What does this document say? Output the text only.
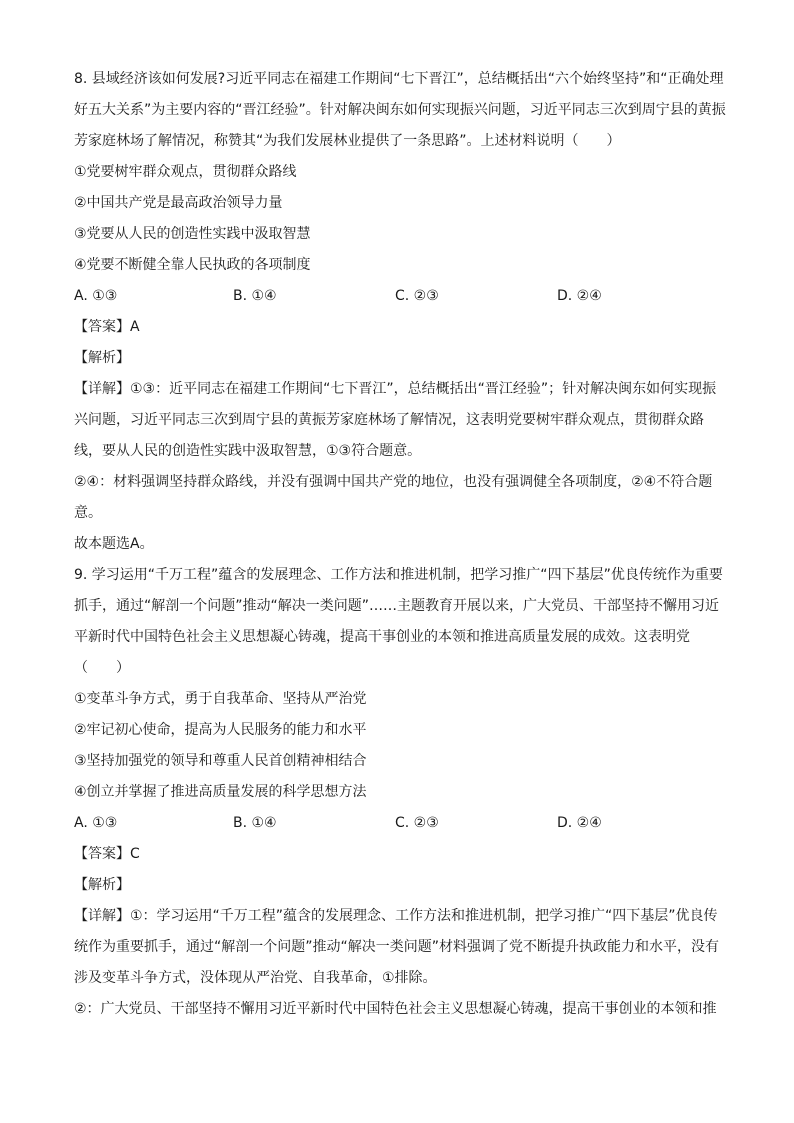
8. 县域经济该如何发展?习近平同志在福建工作期间“七下晋江”，总结概括出“六个始终坚持”和“正确处理好五大关系”为主要内容的“晋江经验”。针对解决闽东如何实现振兴问题，习近平同志三次到周宁县的黄振芳家庭林场了解情况，称赞其“为我们发展林业提供了一条思路”。上述材料说明（　　）

①党要树牢群众观点，贯彻群众路线

②中国共产党是最高政治领导力量

③党要从人民的创造性实践中汲取智慧

④党要不断健全靠人民执政的各项制度

A. ①③	B. ①④	C. ②③	D. ②④

【答案】A

【解析】

【详解】①③：近平同志在福建工作期间“七下晋江”，总结概括出“晋江经验”；针对解决闽东如何实现振兴问题，习近平同志三次到周宁县的黄振芳家庭林场了解情况，这表明党要树牢群众观点，贯彻群众路线，要从人民的创造性实践中汲取智慧，①③符合题意。

②④：材料强调坚持群众路线，并没有强调中国共产党的地位，也没有强调健全各项制度，②④不符合题意。

故本题选A。

9. 学习运用“千万工程”蕴含的发展理念、工作方法和推进机制，把学习推广“四下基层”优良传统作为重要抓手，通过“解剖一个问题”推动“解决一类问题”……主题教育开展以来，广大党员、干部坚持不懈用习近平新时代中国特色社会主义思想凝心铸魂，提高干事创业的本领和推进高质量发展的成效。这表明党（　　）

①变革斗争方式，勇于自我革命、坚持从严治党

②牢记初心使命，提高为人民服务的能力和水平

③坚持加强党的领导和尊重人民首创精神相结合

④创立并掌握了推进高质量发展的科学思想方法

A. ①③	B. ①④	C. ②③	D. ②④

【答案】C

【解析】

【详解】①：学习运用“千万工程”蕴含的发展理念、工作方法和推进机制，把学习推广“四下基层”优良传统作为重要抓手，通过“解剖一个问题”推动“解决一类问题”材料强调了党不断提升执政能力和水平，没有涉及变革斗争方式，没体现从严治党、自我革命，①排除。

②：广大党员、干部坚持不懈用习近平新时代中国特色社会主义思想凝心铸魂，提高干事创业的本领和推
